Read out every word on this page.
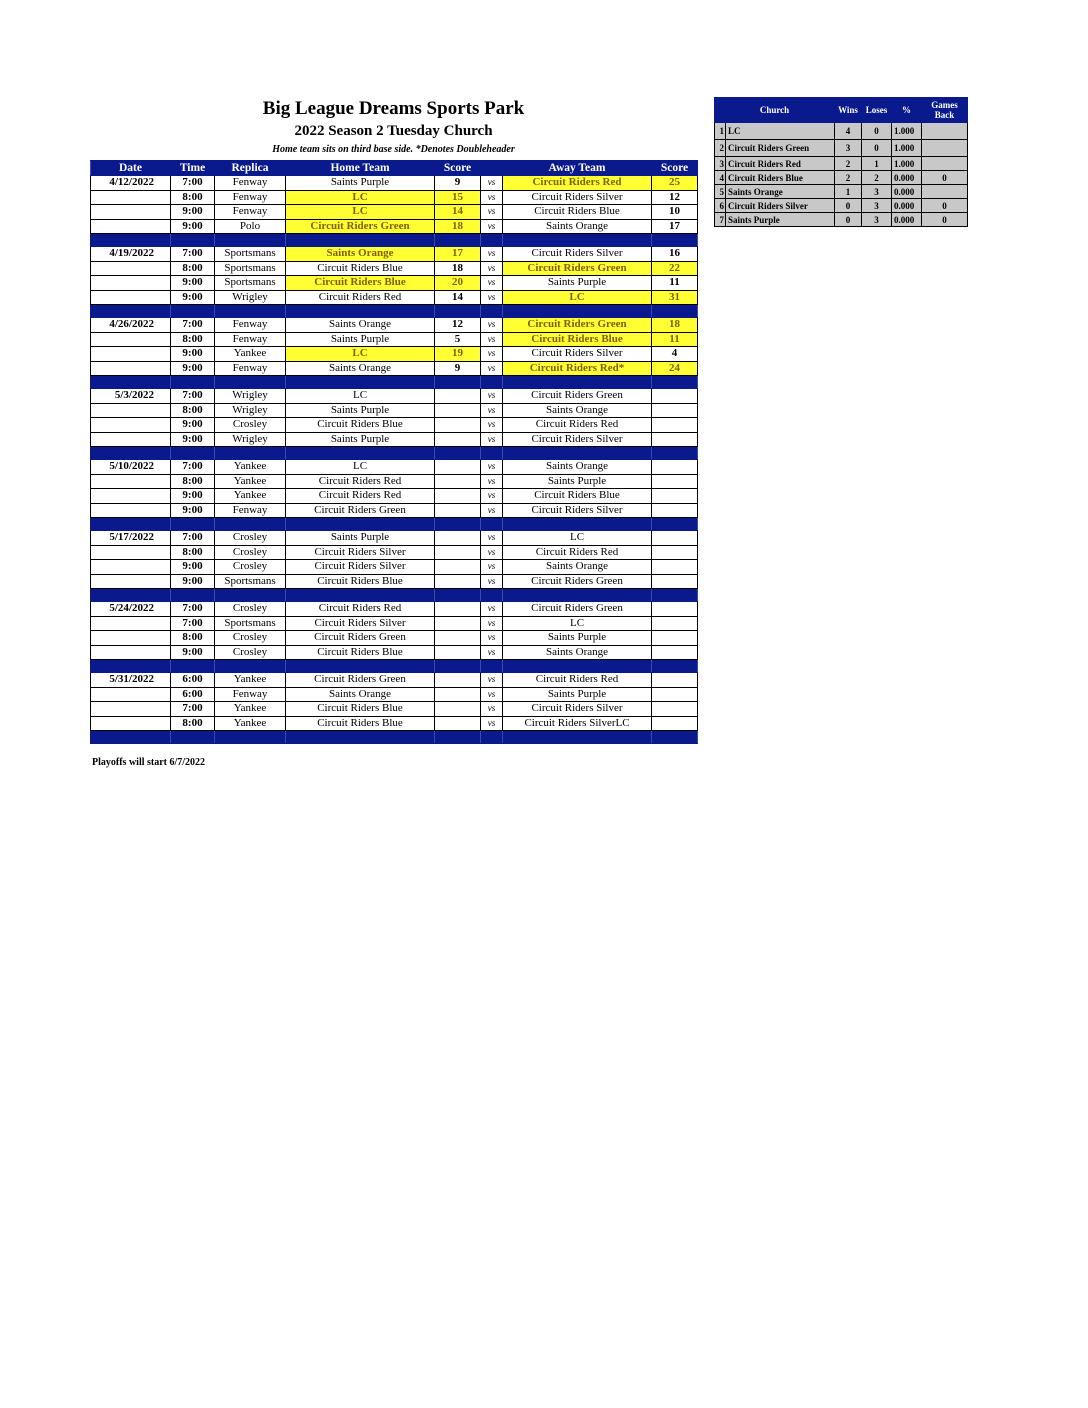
Big League Dreams Sports Park
2022 Season 2 Tuesday Church
Home team sits on third base side. *Denotes Doubleheader
Date	Time	Replica	Home Team	Score		Away Team	Score
4/12/2022	7:00	Fenway	Saints Purple	9	vs	Circuit Riders Red	25
	8:00	Fenway	LC	15	vs	Circuit Riders Silver	12
	9:00	Fenway	LC	14	vs	Circuit Riders Blue	10
	9:00	Polo	Circuit Riders Green	18	vs	Saints Orange	17

4/19/2022	7:00	Sportsmans	Saints Orange	17	vs	Circuit Riders Silver	16
	8:00	Sportsmans	Circuit Riders Blue	18	vs	Circuit Riders Green	22
	9:00	Sportsmans	Circuit Riders Blue	20	vs	Saints Purple	11
	9:00	Wrigley	Circuit Riders Red	14	vs	LC	31

4/26/2022	7:00	Fenway	Saints Orange	12	vs	Circuit Riders Green	18
	8:00	Fenway	Saints Purple	5	vs	Circuit Riders Blue	11
	9:00	Yankee	LC	19	vs	Circuit Riders Silver	4
	9:00	Fenway	Saints Orange	9	vs	Circuit Riders Red*	24

5/3/2022	7:00	Wrigley	LC		vs	Circuit Riders Green	
	8:00	Wrigley	Saints Purple		vs	Saints Orange	
	9:00	Crosley	Circuit Riders Blue		vs	Circuit Riders Red	
	9:00	Wrigley	Saints Purple		vs	Circuit Riders Silver	

5/10/2022	7:00	Yankee	LC		vs	Saints Orange	
	8:00	Yankee	Circuit Riders Red		vs	Saints Purple	
	9:00	Yankee	Circuit Riders Red		vs	Circuit Riders Blue	
	9:00	Fenway	Circuit Riders Green		vs	Circuit Riders Silver	

5/17/2022	7:00	Crosley	Saints Purple		vs	LC	
	8:00	Crosley	Circuit Riders Silver		vs	Circuit Riders Red	
	9:00	Crosley	Circuit Riders Silver		vs	Saints Orange	
	9:00	Sportsmans	Circuit Riders Blue		vs	Circuit Riders Green	

5/24/2022	7:00	Crosley	Circuit Riders Red		vs	Circuit Riders Green	
	7:00	Sportsmans	Circuit Riders Silver		vs	LC	
	8:00	Crosley	Circuit Riders Green		vs	Saints Purple	
	9:00	Crosley	Circuit Riders Blue		vs	Saints Orange	

5/31/2022	6:00	Yankee	Circuit Riders Green		vs	Circuit Riders Red	
	6:00	Fenway	Saints Orange		vs	Saints Purple	
	7:00	Yankee	Circuit Riders Blue		vs	Circuit Riders Silver	
	8:00	Yankee	Circuit Riders Blue		vs	Circuit Riders SilverLC	

Church		Wins	Loses	%	Games Back
1	LC	4	0	1.000	
2	Circuit Riders Green	3	0	1.000	
3	Circuit Riders Red	2	1	1.000	
4	Circuit Riders Blue	2	2	0.000	0
5	Saints Orange	1	3	0.000	
6	Circuit Riders Silver	0	3	0.000	0
7	Saints Purple	0	3	0.000	0
Playoffs will start 6/7/2022
